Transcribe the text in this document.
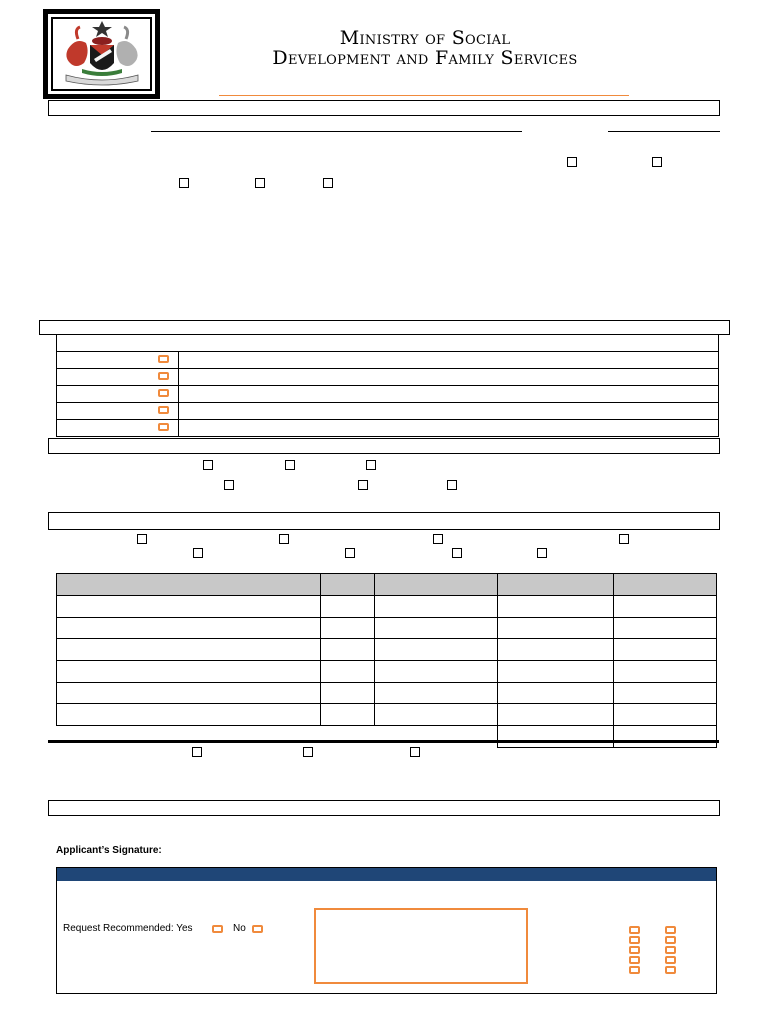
Ministry of Social
Development and Family Services

Applicant’s Signature:
Request Recommended: Yes	No
